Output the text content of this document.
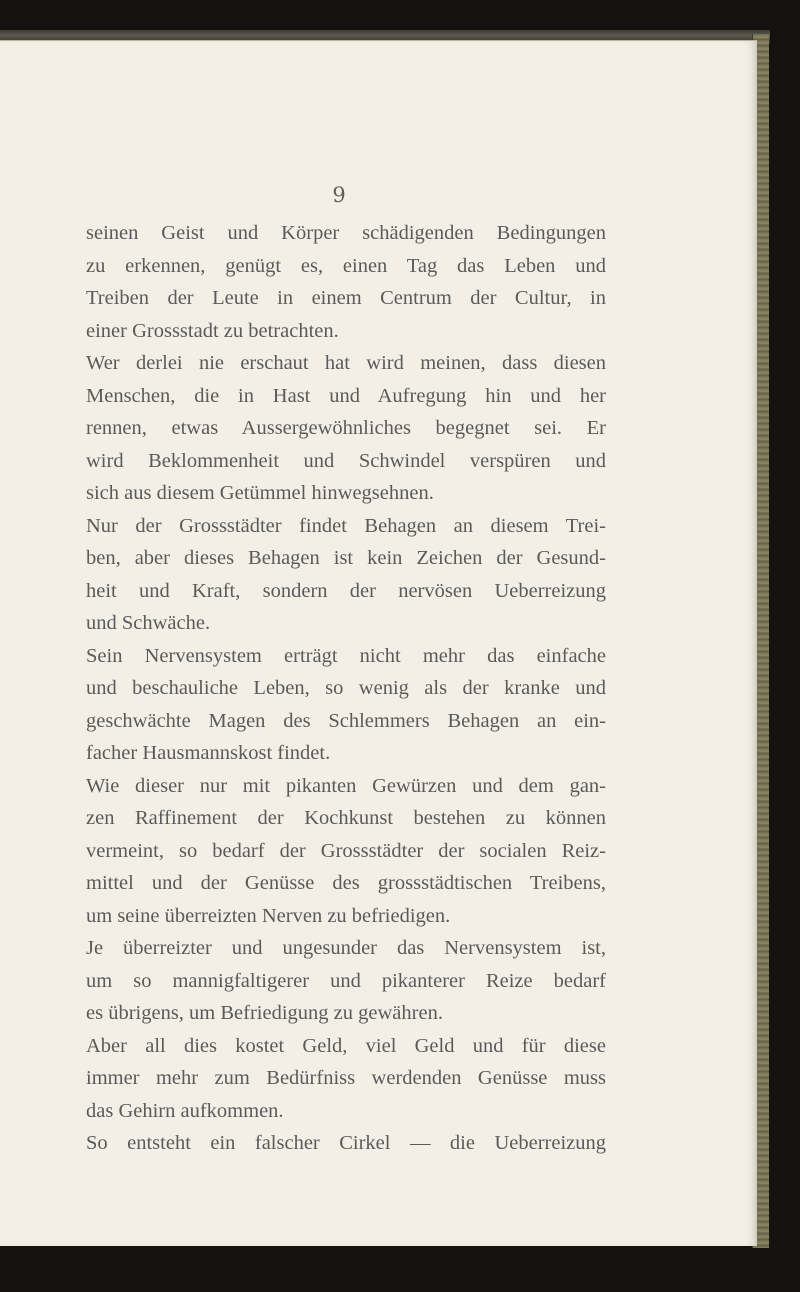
9
seinen Geist und Körper schädigenden Bedingungen
zu erkennen, genügt es, einen Tag das Leben und
Treiben der Leute in einem Centrum der Cultur, in
einer Grossstadt zu betrachten.
Wer derlei nie erschaut hat wird meinen, dass diesen
Menschen, die in Hast und Aufregung hin und her
rennen, etwas Aussergewöhnliches begegnet sei. Er
wird Beklommenheit und Schwindel verspüren und
sich aus diesem Getümmel hinwegsehnen.
Nur der Grossstädter findet Behagen an diesem Trei-
ben, aber dieses Behagen ist kein Zeichen der Gesund-
heit und Kraft, sondern der nervösen Ueberreizung
und Schwäche.
Sein Nervensystem erträgt nicht mehr das einfache
und beschauliche Leben, so wenig als der kranke und
geschwächte Magen des Schlemmers Behagen an ein-
facher Hausmannskost findet.
Wie dieser nur mit pikanten Gewürzen und dem gan-
zen Raffinement der Kochkunst bestehen zu können
vermeint, so bedarf der Grossstädter der socialen Reiz-
mittel und der Genüsse des grossstädtischen Treibens,
um seine überreizten Nerven zu befriedigen.
Je überreizter und ungesunder das Nervensystem ist,
um so mannigfaltigerer und pikanterer Reize bedarf
es übrigens, um Befriedigung zu gewähren.
Aber all dies kostet Geld, viel Geld und für diese
immer mehr zum Bedürfniss werdenden Genüsse muss
das Gehirn aufkommen.
So entsteht ein falscher Cirkel — die Ueberreizung
